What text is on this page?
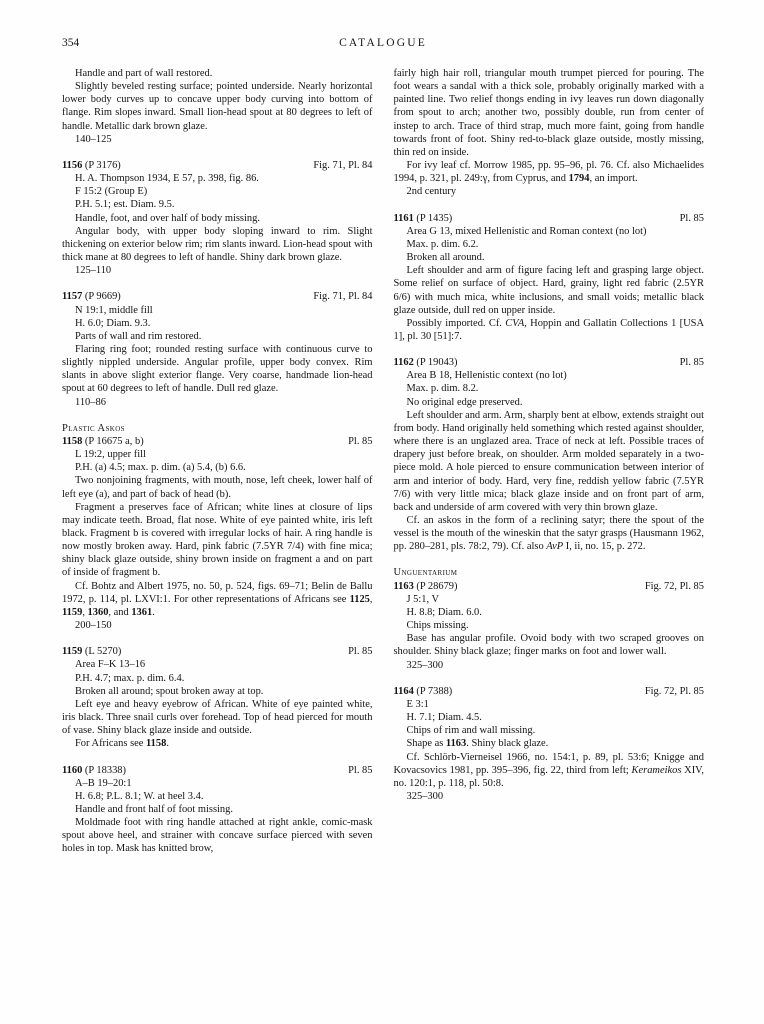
354	CATALOGUE

Handle and part of wall restored.

Slightly beveled resting surface; pointed underside. Nearly horizontal lower body curves up to concave upper body curving into bottom of flange. Rim slopes inward. Small lion-head spout at 80 degrees to left of handle. Metallic dark brown glaze.

140–125

1156 (P 3176)	Fig. 71, Pl. 84

H. A. Thompson 1934, E 57, p. 398, fig. 86.

F 15:2 (Group E)

P.H. 5.1; est. Diam. 9.5.

Handle, foot, and over half of body missing.

Angular body, with upper body sloping inward to rim. Slight thickening on exterior below rim; rim slants inward. Lion-head spout with thick mane at 80 degrees to left of handle. Shiny dark brown glaze.

125–110

1157 (P 9669)	Fig. 71, Pl. 84

N 19:1, middle fill

H. 6.0; Diam. 9.3.

Parts of wall and rim restored.

Flaring ring foot; rounded resting surface with continuous curve to slightly nippled underside. Angular profile, upper body convex. Rim slants in above slight exterior flange. Very coarse, handmade lion-head spout at 60 degrees to left of handle. Dull red glaze.

110–86

Plastic Askos
1158 (P 16675 a, b)	Pl. 85

L 19:2, upper fill

P.H. (a) 4.5; max. p. dim. (a) 5.4, (b) 6.6.

Two nonjoining fragments, with mouth, nose, left cheek, lower half of left eye (a), and part of back of head (b).

Fragment a preserves face of African; white lines at closure of lips may indicate teeth. Broad, flat nose. White of eye painted white, iris left black. Fragment b is covered with irregular locks of hair. A ring handle is now mostly broken away. Hard, pink fabric (7.5YR 7/4) with fine mica; shiny black glaze outside, shiny brown inside on fragment a and on part of inside of fragment b.

Cf. Bohtz and Albert 1975, no. 50, p. 524, figs. 69–71; Belin de Ballu 1972, p. 114, pl. LXVI:1. For other representations of Africans see 1125, 1159, 1360, and 1361.

200–150

1159 (L 5270)	Pl. 85

Area F–K 13–16

P.H. 4.7; max. p. dim. 6.4.

Broken all around; spout broken away at top.

Left eye and heavy eyebrow of African. White of eye painted white, iris black. Three snail curls over forehead. Top of head pierced for mouth of vase. Shiny black glaze inside and outside.

For Africans see 1158.

1160 (P 18338)	Pl. 85

A–B 19–20:1

H. 6.8; P.L. 8.1; W. at heel 3.4.

Handle and front half of foot missing.

Moldmade foot with ring handle attached at right ankle, comic-mask spout above heel, and strainer with concave surface pierced with seven holes in top. Mask has knitted brow,

fairly high hair roll, triangular mouth trumpet pierced for pouring. The foot wears a sandal with a thick sole, probably originally marked with a painted line. Two relief thongs ending in ivy leaves run down diagonally from spout to arch; another two, possibly double, run from center of instep to arch. Trace of third strap, much more faint, going from handle towards front of foot. Shiny red-to-black glaze outside, mostly missing, thin red on inside.

For ivy leaf cf. Morrow 1985, pp. 95–96, pl. 76. Cf. also Michaelides 1994, p. 321, pl. 249:γ, from Cyprus, and 1794, an import.

2nd century

1161 (P 1435)	Pl. 85

Area G 13, mixed Hellenistic and Roman context (no lot)

Max. p. dim. 6.2.

Broken all around.

Left shoulder and arm of figure facing left and grasping large object. Some relief on surface of object. Hard, grainy, light red fabric (2.5YR 6/6) with much mica, white inclusions, and small voids; metallic black glaze outside, dull red on upper inside.

Possibly imported. Cf. CVA, Hoppin and Gallatin Collections 1 [USA 1], pl. 30 [51]:7.

1162 (P 19043)	Pl. 85

Area B 18, Hellenistic context (no lot)

Max. p. dim. 8.2.

No original edge preserved.

Left shoulder and arm. Arm, sharply bent at elbow, extends straight out from body. Hand originally held something which rested against shoulder, where there is an unglazed area. Trace of neck at left. Possible traces of drapery just before break, on shoulder. Arm molded separately in a two-piece mold. A hole pierced to ensure communication between interior of arm and interior of body. Hard, very fine, reddish yellow fabric (7.5YR 7/6) with very little mica; black glaze inside and on front part of arm, back and underside of arm covered with very thin brown glaze.

Cf. an askos in the form of a reclining satyr; there the spout of the vessel is the mouth of the wineskin that the satyr grasps (Hausmann 1962, pp. 280–281, pls. 78:2, 79). Cf. also AvP I, ii, no. 15, p. 272.

Unguentarium
1163 (P 28679)	Fig. 72, Pl. 85

J 5:1, V

H. 8.8; Diam. 6.0.

Chips missing.

Base has angular profile. Ovoid body with two scraped grooves on shoulder. Shiny black glaze; finger marks on foot and lower wall.

325–300

1164 (P 7388)	Fig. 72, Pl. 85

E 3:1

H. 7.1; Diam. 4.5.

Chips of rim and wall missing.

Shape as 1163. Shiny black glaze.

Cf. Schlörb-Vierneisel 1966, no. 154:1, p. 89, pl. 53:6; Knigge and Kovacsovics 1981, pp. 395–396, fig. 22, third from left; Kerameikos XIV, no. 120:1, p. 118, pl. 50:8.

325–300
